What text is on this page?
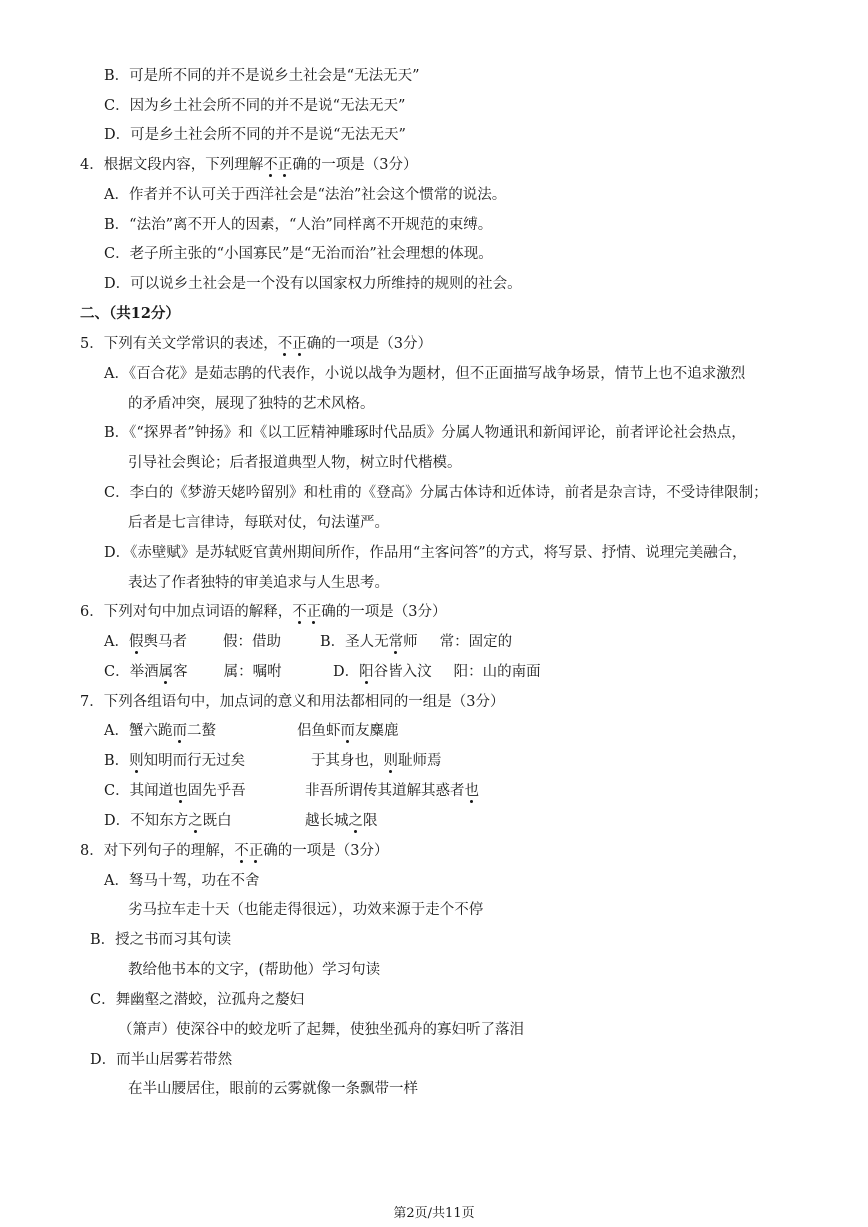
B．可是所不同的并不是说乡土社会是“无法无天”
C．因为乡土社会所不同的并不是说“无法无天”
D．可是乡土社会所不同的并不是说“无法无天”
4．根据文段内容，下列理解不正确的一项是（3分）
A．作者并不认可关于西洋社会是“法治”社会这个惯常的说法。
B．“法治”离不开人的因素，“人治”同样离不开规范的束缚。
C．老子所主张的“小国寡民”是“无治而治”社会理想的体现。
D．可以说乡土社会是一个没有以国家权力所维持的规则的社会。
二、（共12分）
5．下列有关文学常识的表述，不正确的一项是（3分）
A．《百合花》是茹志鹃的代表作，小说以战争为题材，但不正面描写战争场景，情节上也不追求激烈
的矛盾冲突，展现了独特的艺术风格。
B．《“探界者”钟扬》和《以工匠精神雕琢时代品质》分属人物通讯和新闻评论，前者评论社会热点，
引导社会舆论；后者报道典型人物，树立时代楷模。
C．李白的《梦游天姥吟留别》和杜甫的《登高》分属古体诗和近体诗，前者是杂言诗，不受诗律限制；
后者是七言律诗，每联对仗，句法谨严。
D．《赤壁赋》是苏轼贬官黄州期间所作，作品用“主客问答”的方式，将写景、抒情、说理完美融合，
表达了作者独特的审美追求与人生思考。
6．下列对句中加点词语的解释，不正确的一项是（3分）
A．假舆马者 假：借助	B．圣人无常师 常：固定的
C．举酒属客 属：嘱咐	D．阳谷皆入汶 阳：山的南面
7．下列各组语句中，加点词的意义和用法都相同的一组是（3分）
A．蟹六跪而二螯	侣鱼虾而友麋鹿
B．则知明而行无过矣	于其身也，则耻师焉
C．其闻道也固先乎吾	非吾所谓传其道解其惑者也
D．不知东方之既白	越长城之限
8．对下列句子的理解，不正确的一项是（3分）
A．驽马十驾，功在不舍
劣马拉车走十天（也能走得很远），功效来源于走个不停
B．授之书而习其句读
教给他书本的文字，(帮助他）学习句读
C．舞幽壑之潜蛟，泣孤舟之嫠妇
（箫声）使深谷中的蛟龙听了起舞，使独坐孤舟的寡妇听了落泪
D．而半山居雾若带然
在半山腰居住，眼前的云雾就像一条飘带一样
第2页/共11页
